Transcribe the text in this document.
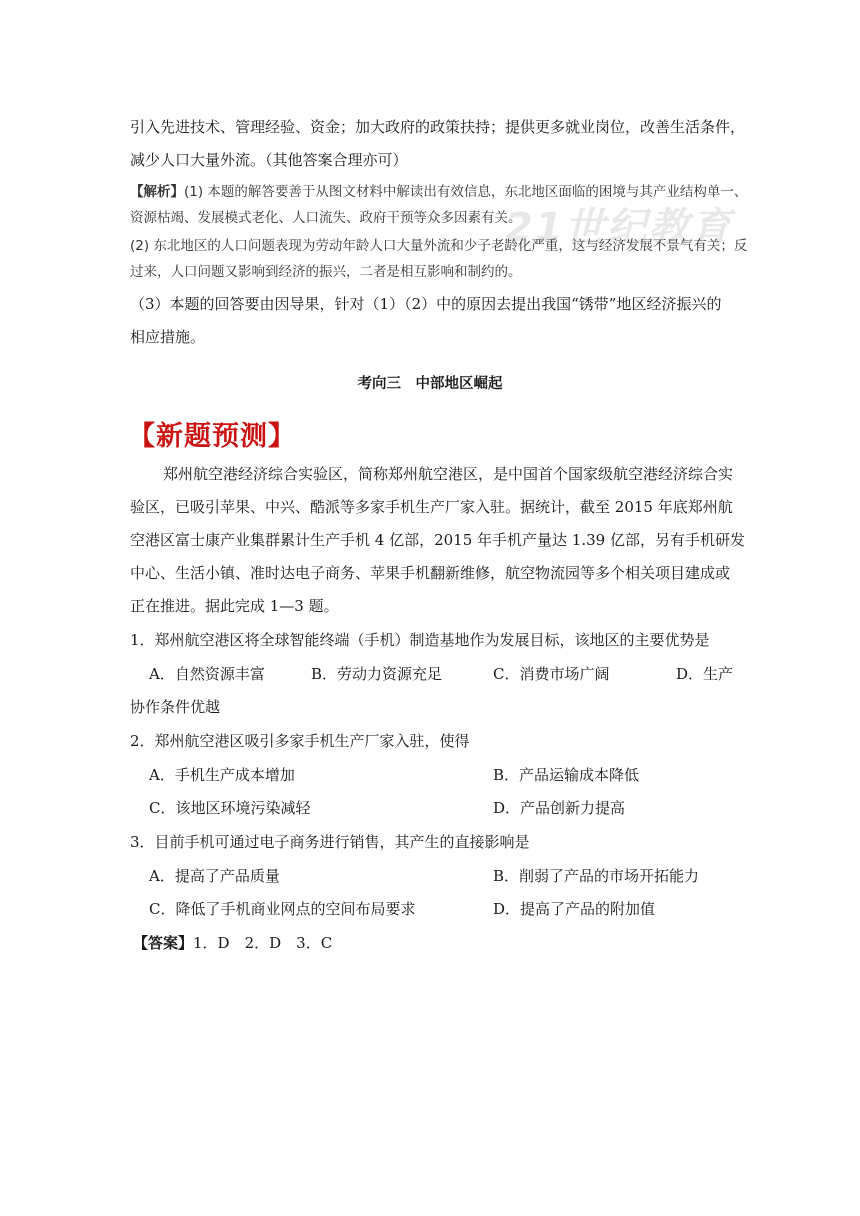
21世纪教育
引入先进技术、管理经验、资金；加大政府的政策扶持；提供更多就业岗位，改善生活条件，
减少人口大量外流。（其他答案合理亦可）
【解析】(1) 本题的解答要善于从图文材料中解读出有效信息，东北地区面临的困境与其产业结构单一、
资源枯竭、发展模式老化、人口流失、政府干预等众多因素有关。
(2) 东北地区的人口问题表现为劳动年龄人口大量外流和少子老龄化严重，这与经济发展不景气有关；反
过来，人口问题又影响到经济的振兴，二者是相互影响和制约的。
（3）本题的回答要由因导果，针对（1）（2）中的原因去提出我国“锈带”地区经济振兴的
相应措施。
考向三　中部地区崛起
【新题预测】
郑州航空港经济综合实验区，简称郑州航空港区，是中国首个国家级航空港经济综合实
验区，已吸引苹果、中兴、酷派等多家手机生产厂家入驻。据统计，截至 2015 年底郑州航
空港区富士康产业集群累计生产手机 4 亿部，2015 年手机产量达 1.39 亿部，另有手机研发
中心、生活小镇、准时达电子商务、苹果手机翻新维修，航空物流园等多个相关项目建成或
正在推进。据此完成 1—3 题。
1．郑州航空港区将全球智能终端（手机）制造基地作为发展目标，该地区的主要优势是
A．自然资源丰富	B．劳动力资源充足	C．消费市场广阔	D．生产
协作条件优越
2．郑州航空港区吸引多家手机生产厂家入驻，使得
A．手机生产成本增加	B．产品运输成本降低
C．该地区环境污染减轻	D．产品创新力提高
3．目前手机可通过电子商务进行销售，其产生的直接影响是
A．提高了产品质量	B．削弱了产品的市场开拓能力
C．降低了手机商业网点的空间布局要求	D．提高了产品的附加值
【答案】1．D　2．D　3．C
